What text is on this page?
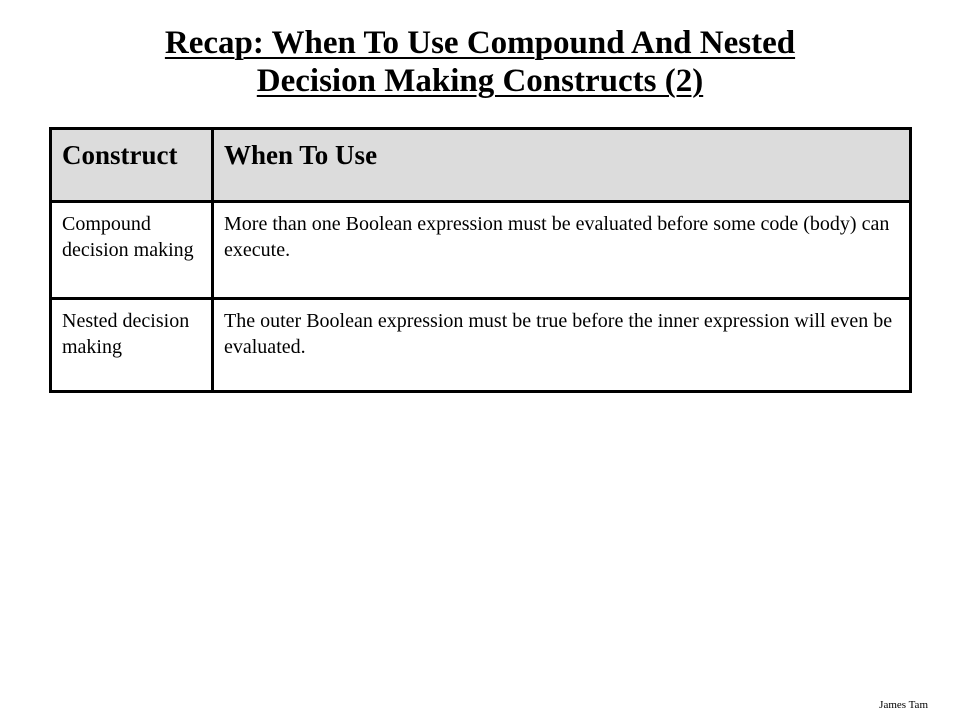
Recap: When To Use Compound And Nested
Decision Making Constructs (2)
Construct	When To Use
Compound decision making	More than one Boolean expression must be evaluated before some code (body) can execute.
Nested decision making	The outer Boolean expression must be true before the inner expression will even be evaluated.
James Tam
